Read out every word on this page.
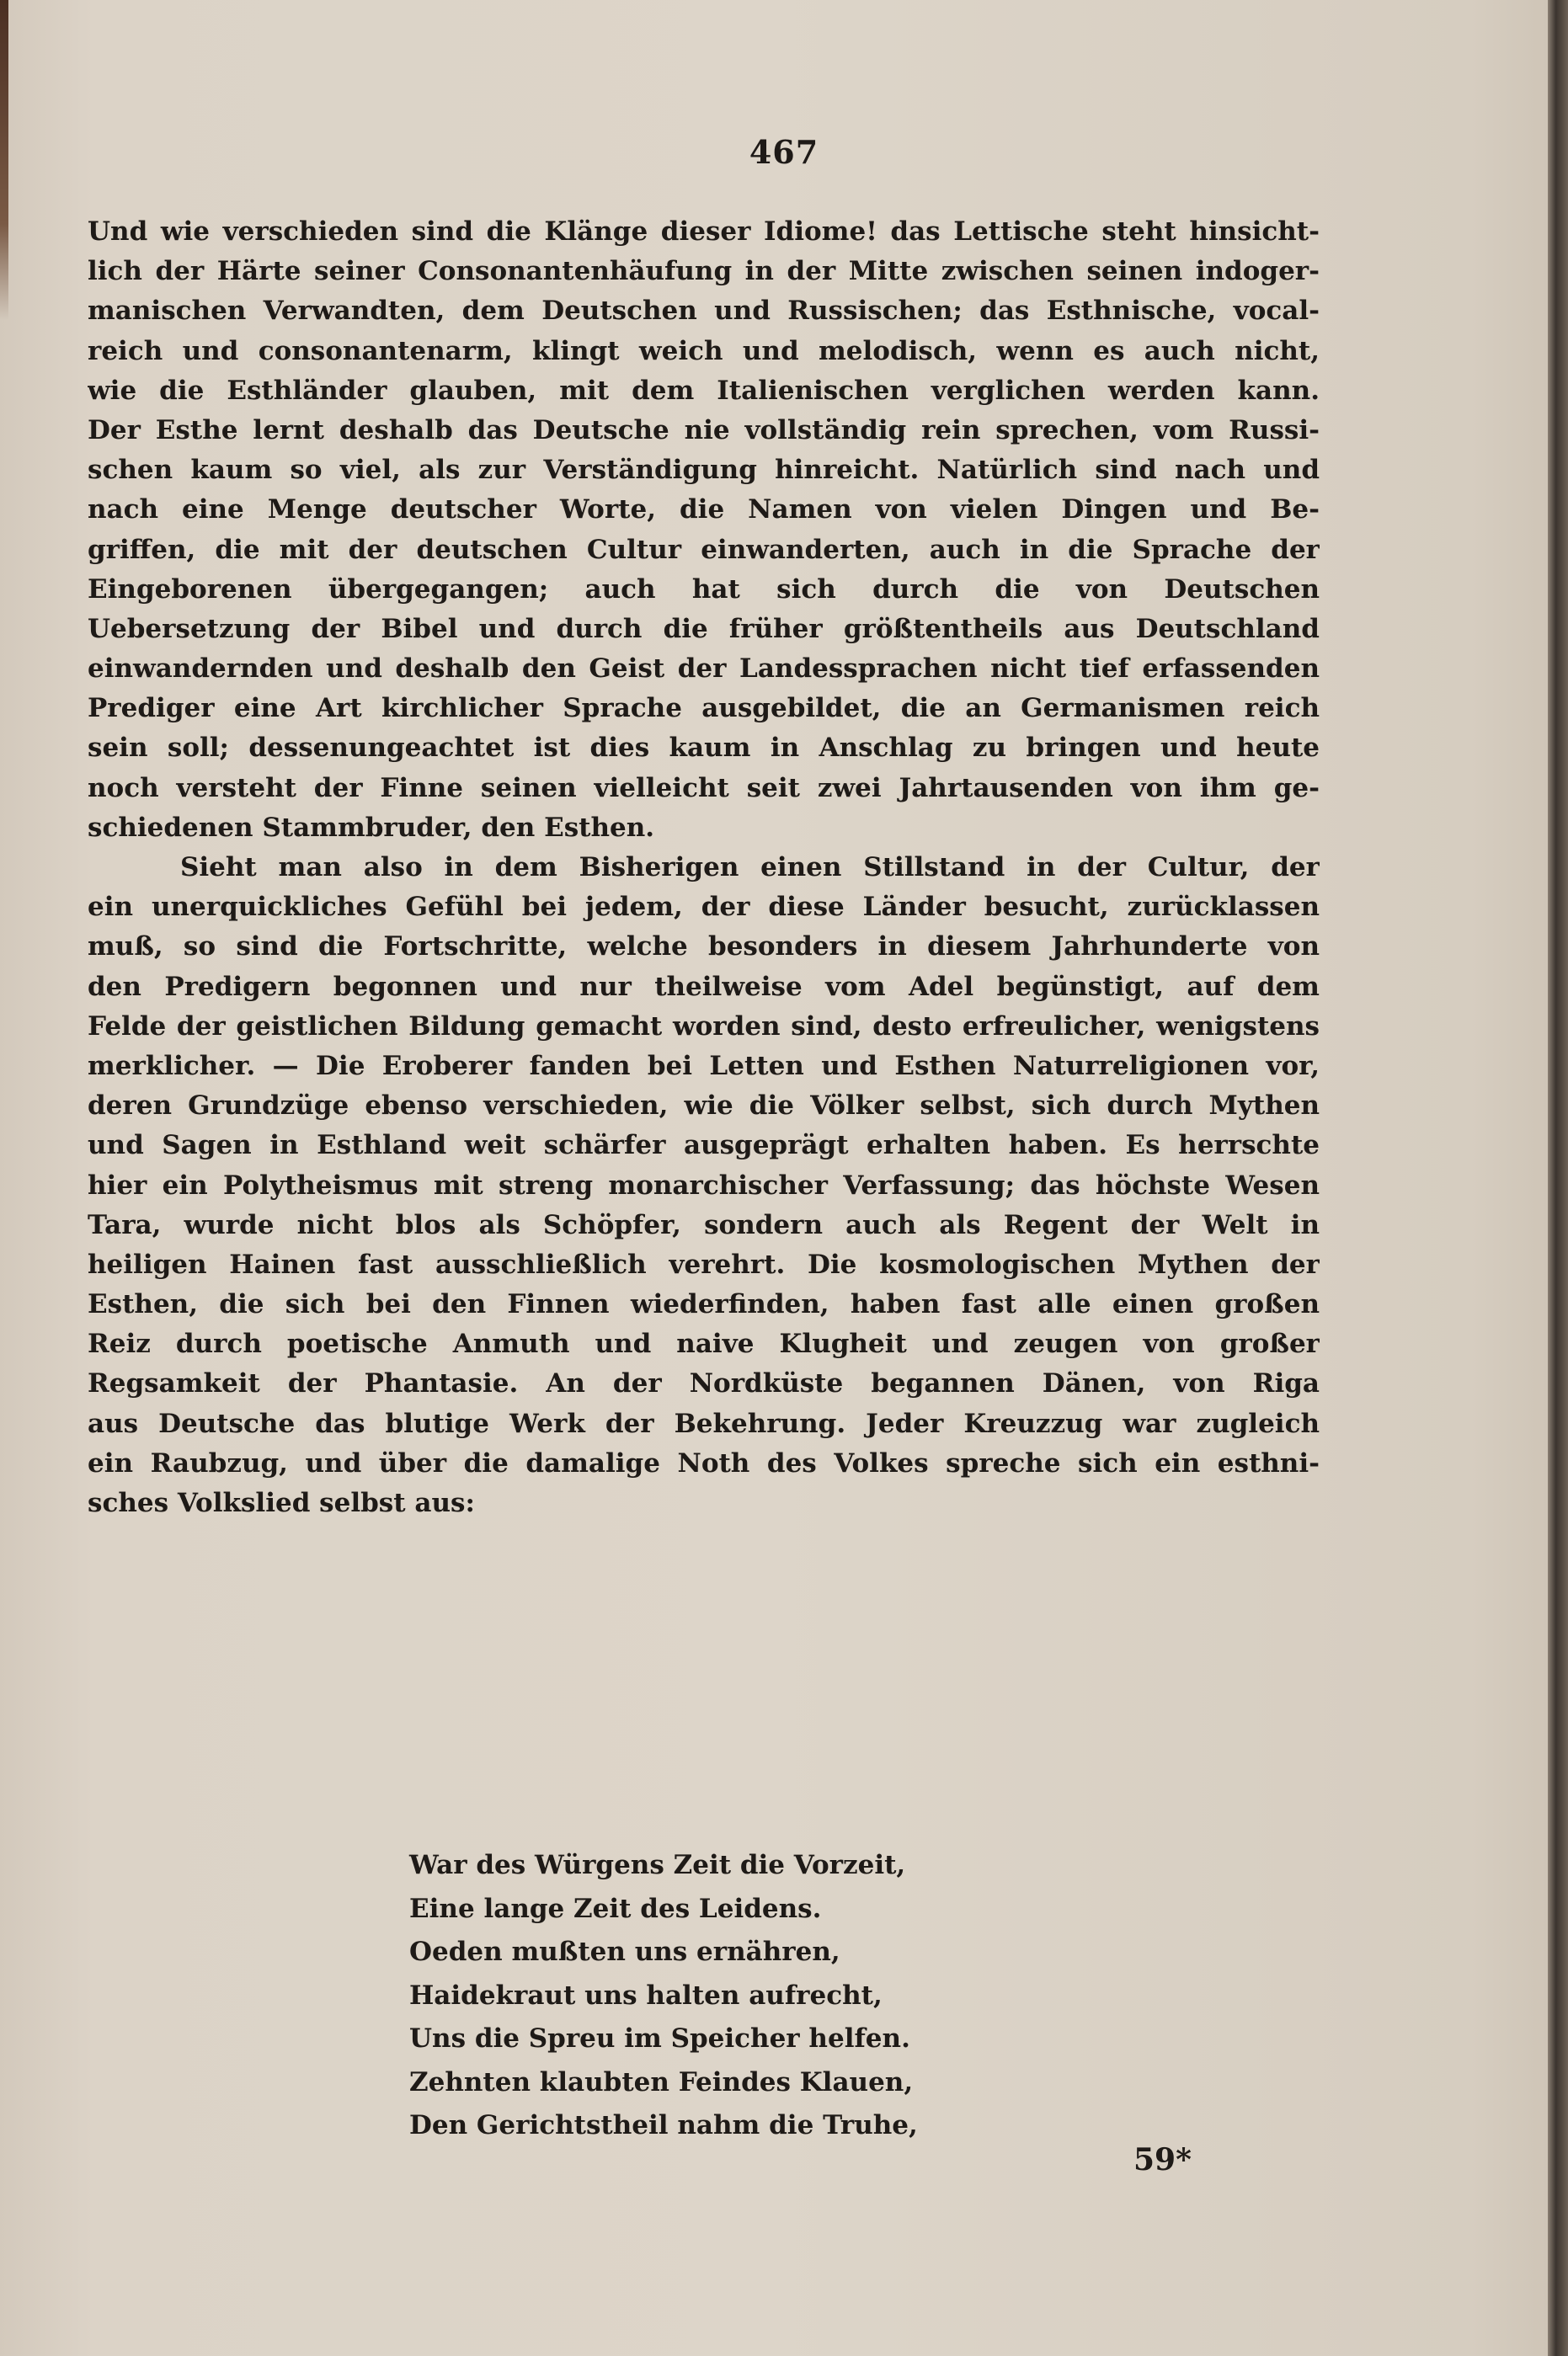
467
Und wie verschieden sind die Klänge dieser Idiome! das Lettische steht hinsicht-
lich der Härte seiner Consonantenhäufung in der Mitte zwischen seinen indoger-
manischen Verwandten, dem Deutschen und Russischen; das Esthnische, vocal-
reich und consonantenarm, klingt weich und melodisch, wenn es auch nicht,
wie die Esthländer glauben, mit dem Italienischen verglichen werden kann.
Der Esthe lernt deshalb das Deutsche nie vollständig rein sprechen, vom Russi-
schen kaum so viel, als zur Verständigung hinreicht. Natürlich sind nach und
nach eine Menge deutscher Worte, die Namen von vielen Dingen und Be-
griffen, die mit der deutschen Cultur einwanderten, auch in die Sprache der
Eingeborenen übergegangen; auch hat sich durch die von Deutschen
Uebersetzung der Bibel und durch die früher größtentheils aus Deutschland
einwandernden und deshalb den Geist der Landessprachen nicht tief erfassenden
Prediger eine Art kirchlicher Sprache ausgebildet, die an Germanismen reich
sein soll; dessenungeachtet ist dies kaum in Anschlag zu bringen und heute
noch versteht der Finne seinen vielleicht seit zwei Jahrtausenden von ihm ge-
schiedenen Stammbruder, den Esthen.
Sieht man also in dem Bisherigen einen Stillstand in der Cultur, der
ein unerquickliches Gefühl bei jedem, der diese Länder besucht, zurücklassen
muß, so sind die Fortschritte, welche besonders in diesem Jahrhunderte von
den Predigern begonnen und nur theilweise vom Adel begünstigt, auf dem
Felde der geistlichen Bildung gemacht worden sind, desto erfreulicher, wenigstens
merklicher. — Die Eroberer fanden bei Letten und Esthen Naturreligionen vor,
deren Grundzüge ebenso verschieden, wie die Völker selbst, sich durch Mythen
und Sagen in Esthland weit schärfer ausgeprägt erhalten haben. Es herrschte
hier ein Polytheismus mit streng monarchischer Verfassung; das höchste Wesen
Tara, wurde nicht blos als Schöpfer, sondern auch als Regent der Welt in
heiligen Hainen fast ausschließlich verehrt. Die kosmologischen Mythen der
Esthen, die sich bei den Finnen wiederfinden, haben fast alle einen großen
Reiz durch poetische Anmuth und naive Klugheit und zeugen von großer
Regsamkeit der Phantasie. An der Nordküste begannen Dänen, von Riga
aus Deutsche das blutige Werk der Bekehrung. Jeder Kreuzzug war zugleich
ein Raubzug, und über die damalige Noth des Volkes spreche sich ein esthni-
sches Volkslied selbst aus:
War des Würgens Zeit die Vorzeit,
Eine lange Zeit des Leidens.
Oeden mußten uns ernähren,
Haidekraut uns halten aufrecht,
Uns die Spreu im Speicher helfen.
Zehnten klaubten Feindes Klauen,
Den Gerichtstheil nahm die Truhe,
59*
